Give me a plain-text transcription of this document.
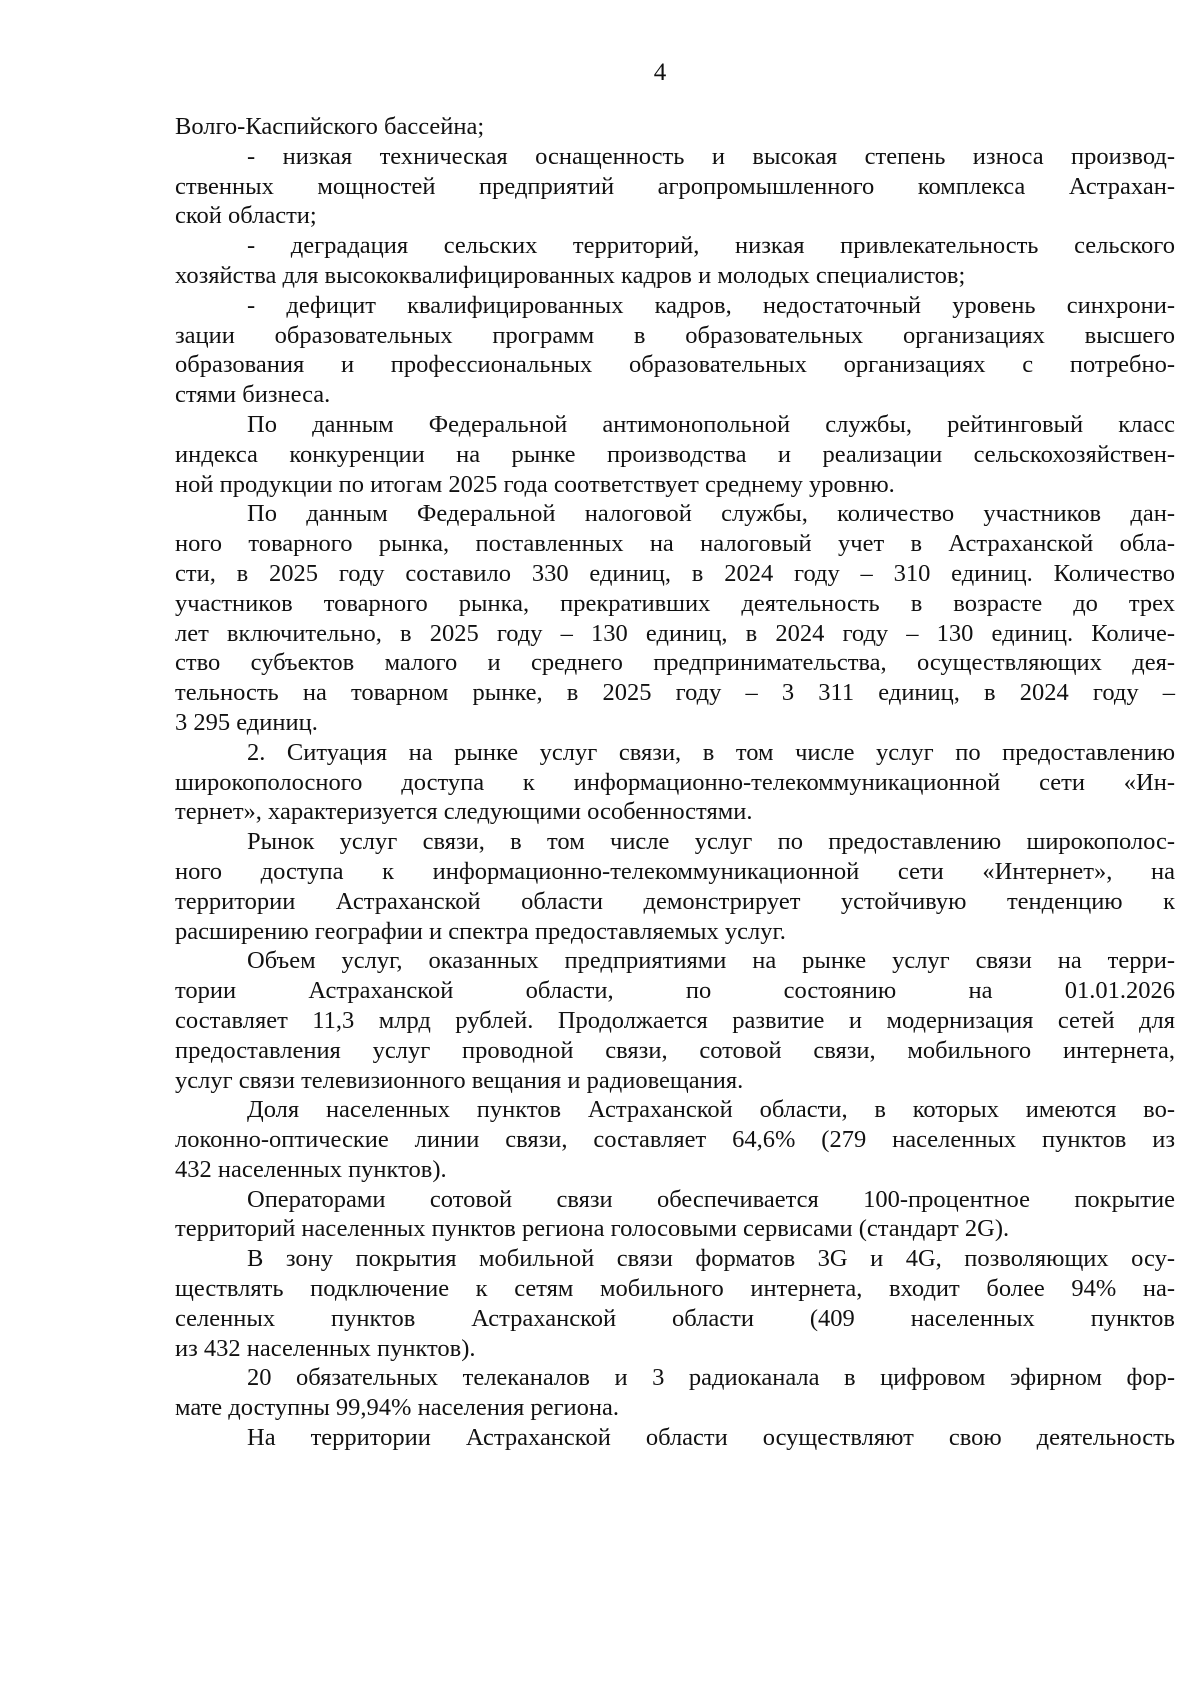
4
Волго-Каспийского бассейна;
- низкая техническая оснащенность и высокая степень износа производ-
ственных мощностей предприятий агропромышленного комплекса Астрахан-
ской области;
- деградация сельских территорий, низкая привлекательность сельского
хозяйства для высококвалифицированных кадров и молодых специалистов;
- дефицит квалифицированных кадров, недостаточный уровень синхрони-
зации образовательных программ в образовательных организациях высшего
образования и профессиональных образовательных организациях с потребно-
стями бизнеса.
По данным Федеральной антимонопольной службы, рейтинговый класс
индекса конкуренции на рынке производства и реализации сельскохозяйствен-
ной продукции по итогам 2025 года соответствует среднему уровню.
По данным Федеральной налоговой службы, количество участников дан-
ного товарного рынка, поставленных на налоговый учет в Астраханской обла-
сти, в 2025 году составило 330 единиц, в 2024 году – 310 единиц. Количество
участников товарного рынка, прекративших деятельность в возрасте до трех
лет включительно, в 2025 году – 130 единиц, в 2024 году – 130 единиц. Количе-
ство субъектов малого и среднего предпринимательства, осуществляющих дея-
тельность на товарном рынке, в 2025 году – 3 311 единиц, в 2024 году –
3 295 единиц.
2. Ситуация на рынке услуг связи, в том числе услуг по предоставлению
широкополосного доступа к информационно-телекоммуникационной сети «Ин-
тернет», характеризуется следующими особенностями.
Рынок услуг связи, в том числе услуг по предоставлению широкополос-
ного доступа к информационно-телекоммуникационной сети «Интернет», на
территории Астраханской области демонстрирует устойчивую тенденцию к
расширению географии и спектра предоставляемых услуг.
Объем услуг, оказанных предприятиями на рынке услуг связи на терри-
тории Астраханской области, по состоянию на 01.01.2026
составляет 11,3 млрд рублей. Продолжается развитие и модернизация сетей для
предоставления услуг проводной связи, сотовой связи, мобильного интернета,
услуг связи телевизионного вещания и радиовещания.
Доля населенных пунктов Астраханской области, в которых имеются во-
локонно-оптические линии связи, составляет 64,6% (279 населенных пунктов из
432 населенных пунктов).
Операторами сотовой связи обеспечивается 100-процентное покрытие
территорий населенных пунктов региона голосовыми сервисами (стандарт 2G).
В зону покрытия мобильной связи форматов 3G и 4G, позволяющих осу-
ществлять подключение к сетям мобильного интернета, входит более 94% на-
селенных пунктов Астраханской области (409 населенных пунктов
из 432 населенных пунктов).
20 обязательных телеканалов и 3 радиоканала в цифровом эфирном фор-
мате доступны 99,94% населения региона.
На территории Астраханской области осуществляют свою деятельность
